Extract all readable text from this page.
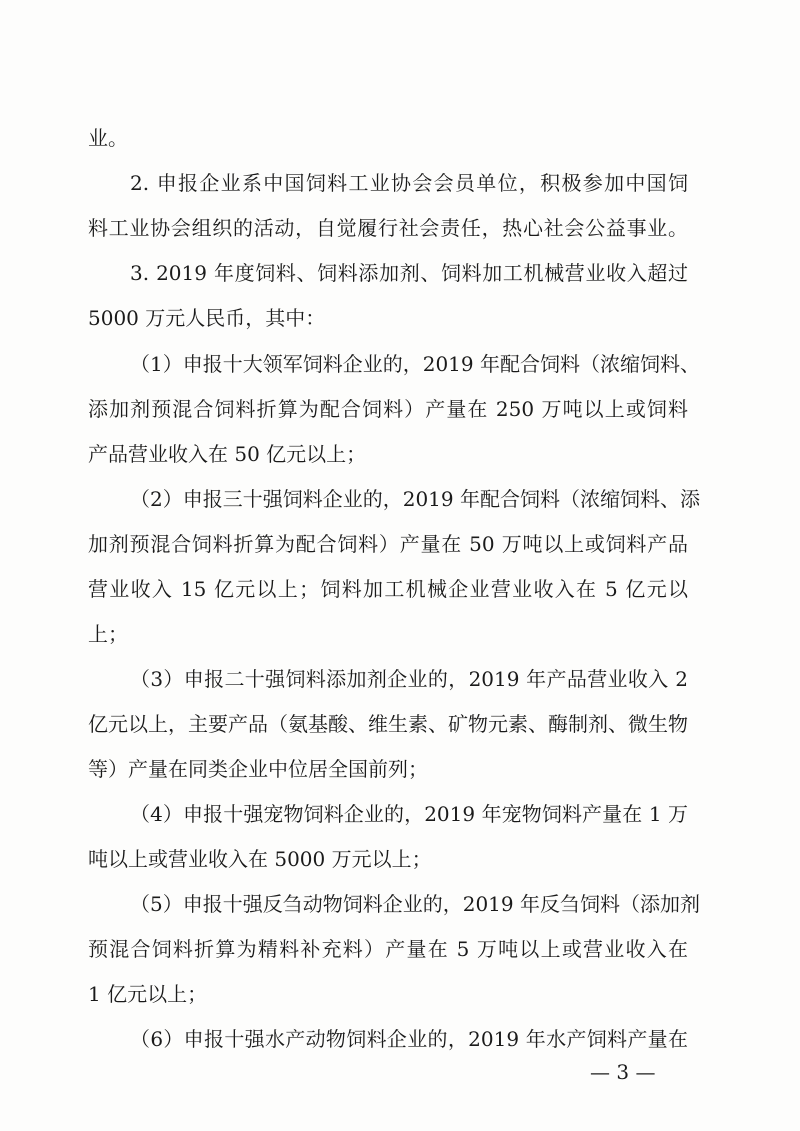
业。
2. 申报企业系中国饲料工业协会会员单位，积极参加中国饲
料工业协会组织的活动，自觉履行社会责任，热心社会公益事业。
3. 2019 年度饲料、饲料添加剂、饲料加工机械营业收入超过
5000 万元人民币，其中：
（1）申报十大领军饲料企业的，2019 年配合饲料（浓缩饲料、
添加剂预混合饲料折算为配合饲料）产量在 250 万吨以上或饲料
产品营业收入在 50 亿元以上；
（2）申报三十强饲料企业的，2019 年配合饲料（浓缩饲料、添
加剂预混合饲料折算为配合饲料）产量在 50 万吨以上或饲料产品
营业收入 15 亿元以上；饲料加工机械企业营业收入在 5 亿元以
上；
（3）申报二十强饲料添加剂企业的，2019 年产品营业收入 2
亿元以上，主要产品（氨基酸、维生素、矿物元素、酶制剂、微生物
等）产量在同类企业中位居全国前列；
（4）申报十强宠物饲料企业的，2019 年宠物饲料产量在 1 万
吨以上或营业收入在 5000 万元以上；
（5）申报十强反刍动物饲料企业的，2019 年反刍饲料（添加剂
预混合饲料折算为精料补充料）产量在 5 万吨以上或营业收入在
1 亿元以上；
（6）申报十强水产动物饲料企业的，2019 年水产饲料产量在
— 3 —
